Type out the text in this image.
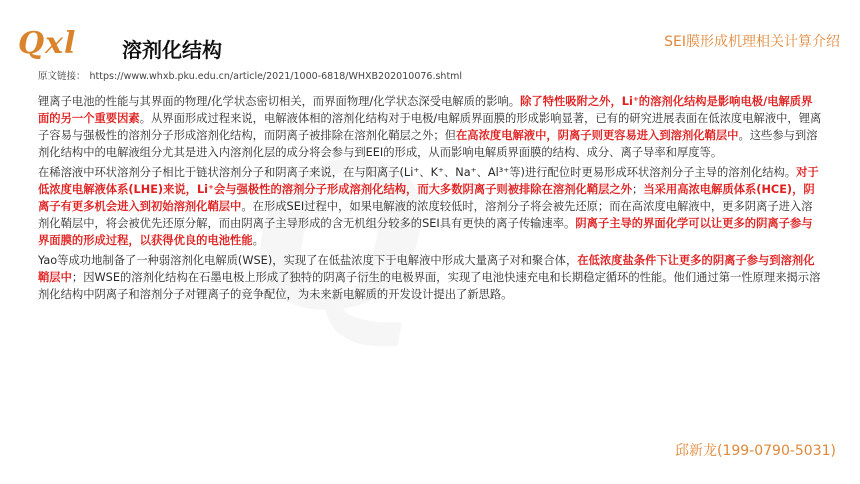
Qxl 溶剂化结构	SEI膜形成机理相关计算介绍
原文链接： https://www.whxb.pku.edu.cn/article/2021/1000-6818/WHXB202010076.shtml

锂离子电池的性能与其界面的物理/化学状态密切相关，而界面物理/化学状态深受电解质的影响。除了特性吸附之外，Li⁺的溶剂化结构是影响电极/电解质界面的另一个重要因素。从界面形成过程来说，电解液体相的溶剂化结构对于电极/电解质界面膜的形成影响显著，已有的研究进展表面在低浓度电解液中，锂离子容易与强极性的溶剂分子形成溶剂化结构，而阴离子被排除在溶剂化鞘层之外；但在高浓度电解液中，阴离子则更容易进入到溶剂化鞘层中。这些参与到溶剂化结构中的电解液组分尤其是进入内溶剂化层的成分将会参与到EEI的形成，从而影响电解质界面膜的结构、成分、离子导率和厚度等。

在稀溶液中环状溶剂分子相比于链状溶剂分子和阴离子来说，在与阳离子(Li⁺、K⁺、Na⁺、Al³⁺等)进行配位时更易形成环状溶剂分子主导的溶剂化结构。对于低浓度电解液体系(LHE)来说，Li⁺会与强极性的溶剂分子形成溶剂化结构，而大多数阴离子则被排除在溶剂化鞘层之外；当采用高浓电解质体系(HCE)，阴离子有更多机会进入到初始溶剂化鞘层中。在形成SEI过程中，如果电解液的浓度较低时，溶剂分子将会被先还原；而在高浓度电解液中，更多阴离子进入溶剂化鞘层中，将会被优先还原分解，而由阴离子主导形成的含无机组分较多的SEI具有更快的离子传输速率。阴离子主导的界面化学可以让更多的阴离子参与界面膜的形成过程，以获得优良的电池性能。

Yao等成功地制备了一种弱溶剂化电解质(WSE)，实现了在低盐浓度下于电解液中形成大量离子对和聚合体，在低浓度盐条件下让更多的阴离子参与到溶剂化鞘层中；因WSE的溶剂化结构在石墨电极上形成了独特的阴离子衍生的电极界面，实现了电池快速充电和长期稳定循环的性能。他们通过第一性原理来揭示溶剂化结构中阴离子和溶剂分子对锂离子的竞争配位，为未来新电解质的开发设计提出了新思路。

邱新龙(199-0790-5031)
